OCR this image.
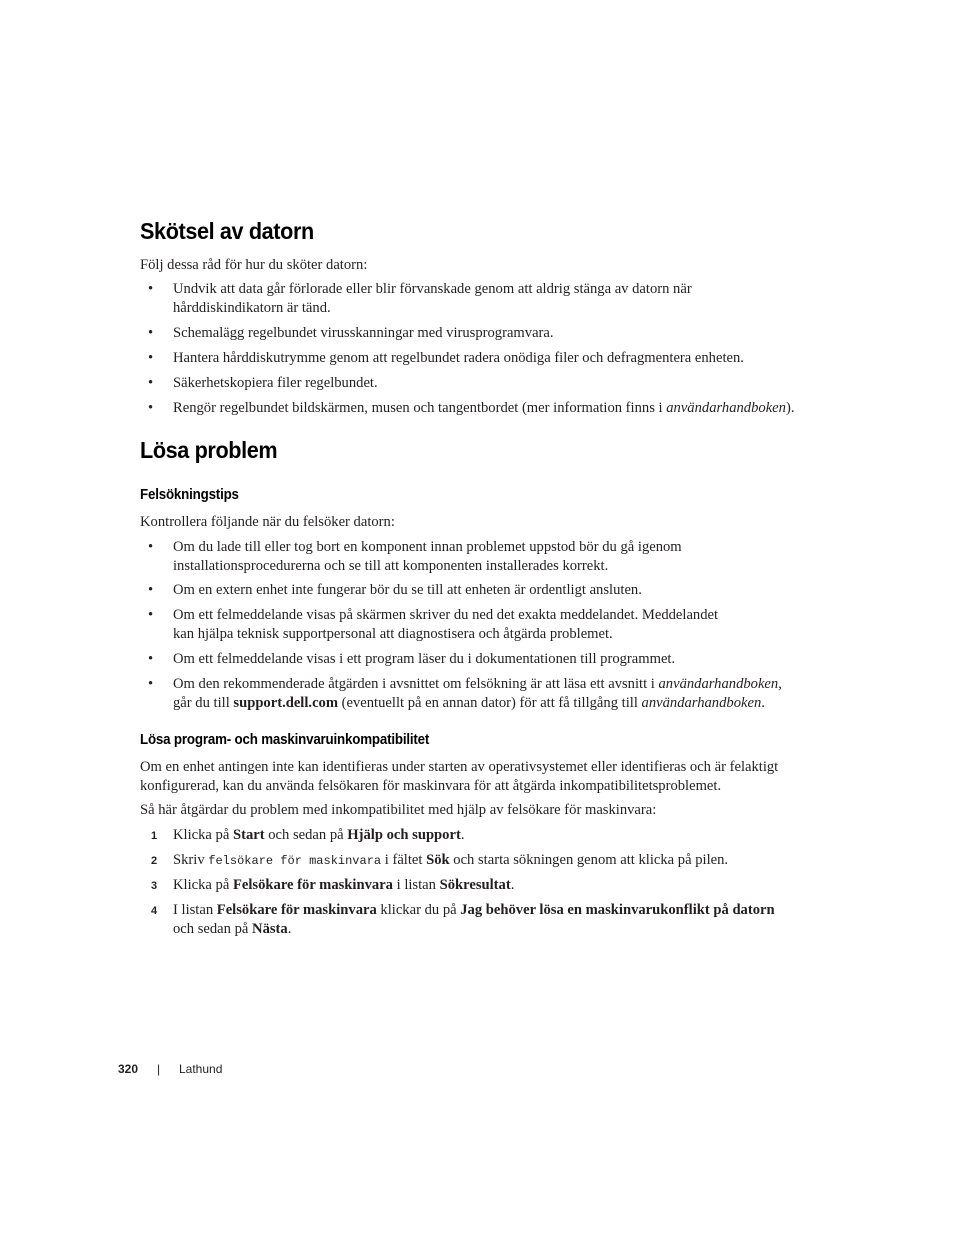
Skötsel av datorn

Följ dessa råd för hur du sköter datorn:

• Undvik att data går förlorade eller blir förvanskade genom att aldrig stänga av datorn när
hårddiskindikatorn är tänd.
• Schemalägg regelbundet virusskanningar med virusprogramvara.
• Hantera hårddiskutrymme genom att regelbundet radera onödiga filer och defragmentera enheten.
• Säkerhetskopiera filer regelbundet.
• Rengör regelbundet bildskärmen, musen och tangentbordet (mer information finns i användarhandboken).
Lösa problem
Felsökningstips

Kontrollera följande när du felsöker datorn:

• Om du lade till eller tog bort en komponent innan problemet uppstod bör du gå igenom
installationsprocedurerna och se till att komponenten installerades korrekt.
• Om en extern enhet inte fungerar bör du se till att enheten är ordentligt ansluten.
• Om ett felmeddelande visas på skärmen skriver du ned det exakta meddelandet. Meddelandet
kan hjälpa teknisk supportpersonal att diagnostisera och åtgärda problemet.
• Om ett felmeddelande visas i ett program läser du i dokumentationen till programmet.
• Om den rekommenderade åtgärden i avsnittet om felsökning är att läsa ett avsnitt i användarhandboken,
går du till support.dell.com (eventuellt på en annan dator) för att få tillgång till användarhandboken.
Lösa program- och maskinvaruinkompatibilitet
Om en enhet antingen inte kan identifieras under starten av operativsystemet eller identifieras och är felaktigt
konfigurerad, kan du använda felsökaren för maskinvara för att åtgärda inkompatibilitetsproblemet.

Så här åtgärdar du problem med inkompatibilitet med hjälp av felsökare för maskinvara:

1 Klicka på Start och sedan på Hjälp och support.
2 Skriv felsökare för maskinvara i fältet Sök och starta sökningen genom att klicka på pilen.
3 Klicka på Felsökare för maskinvara i listan Sökresultat.
4 I listan Felsökare för maskinvara klickar du på Jag behöver lösa en maskinvarukonflikt på datorn
och sedan på Nästa.
320 | Lathund
